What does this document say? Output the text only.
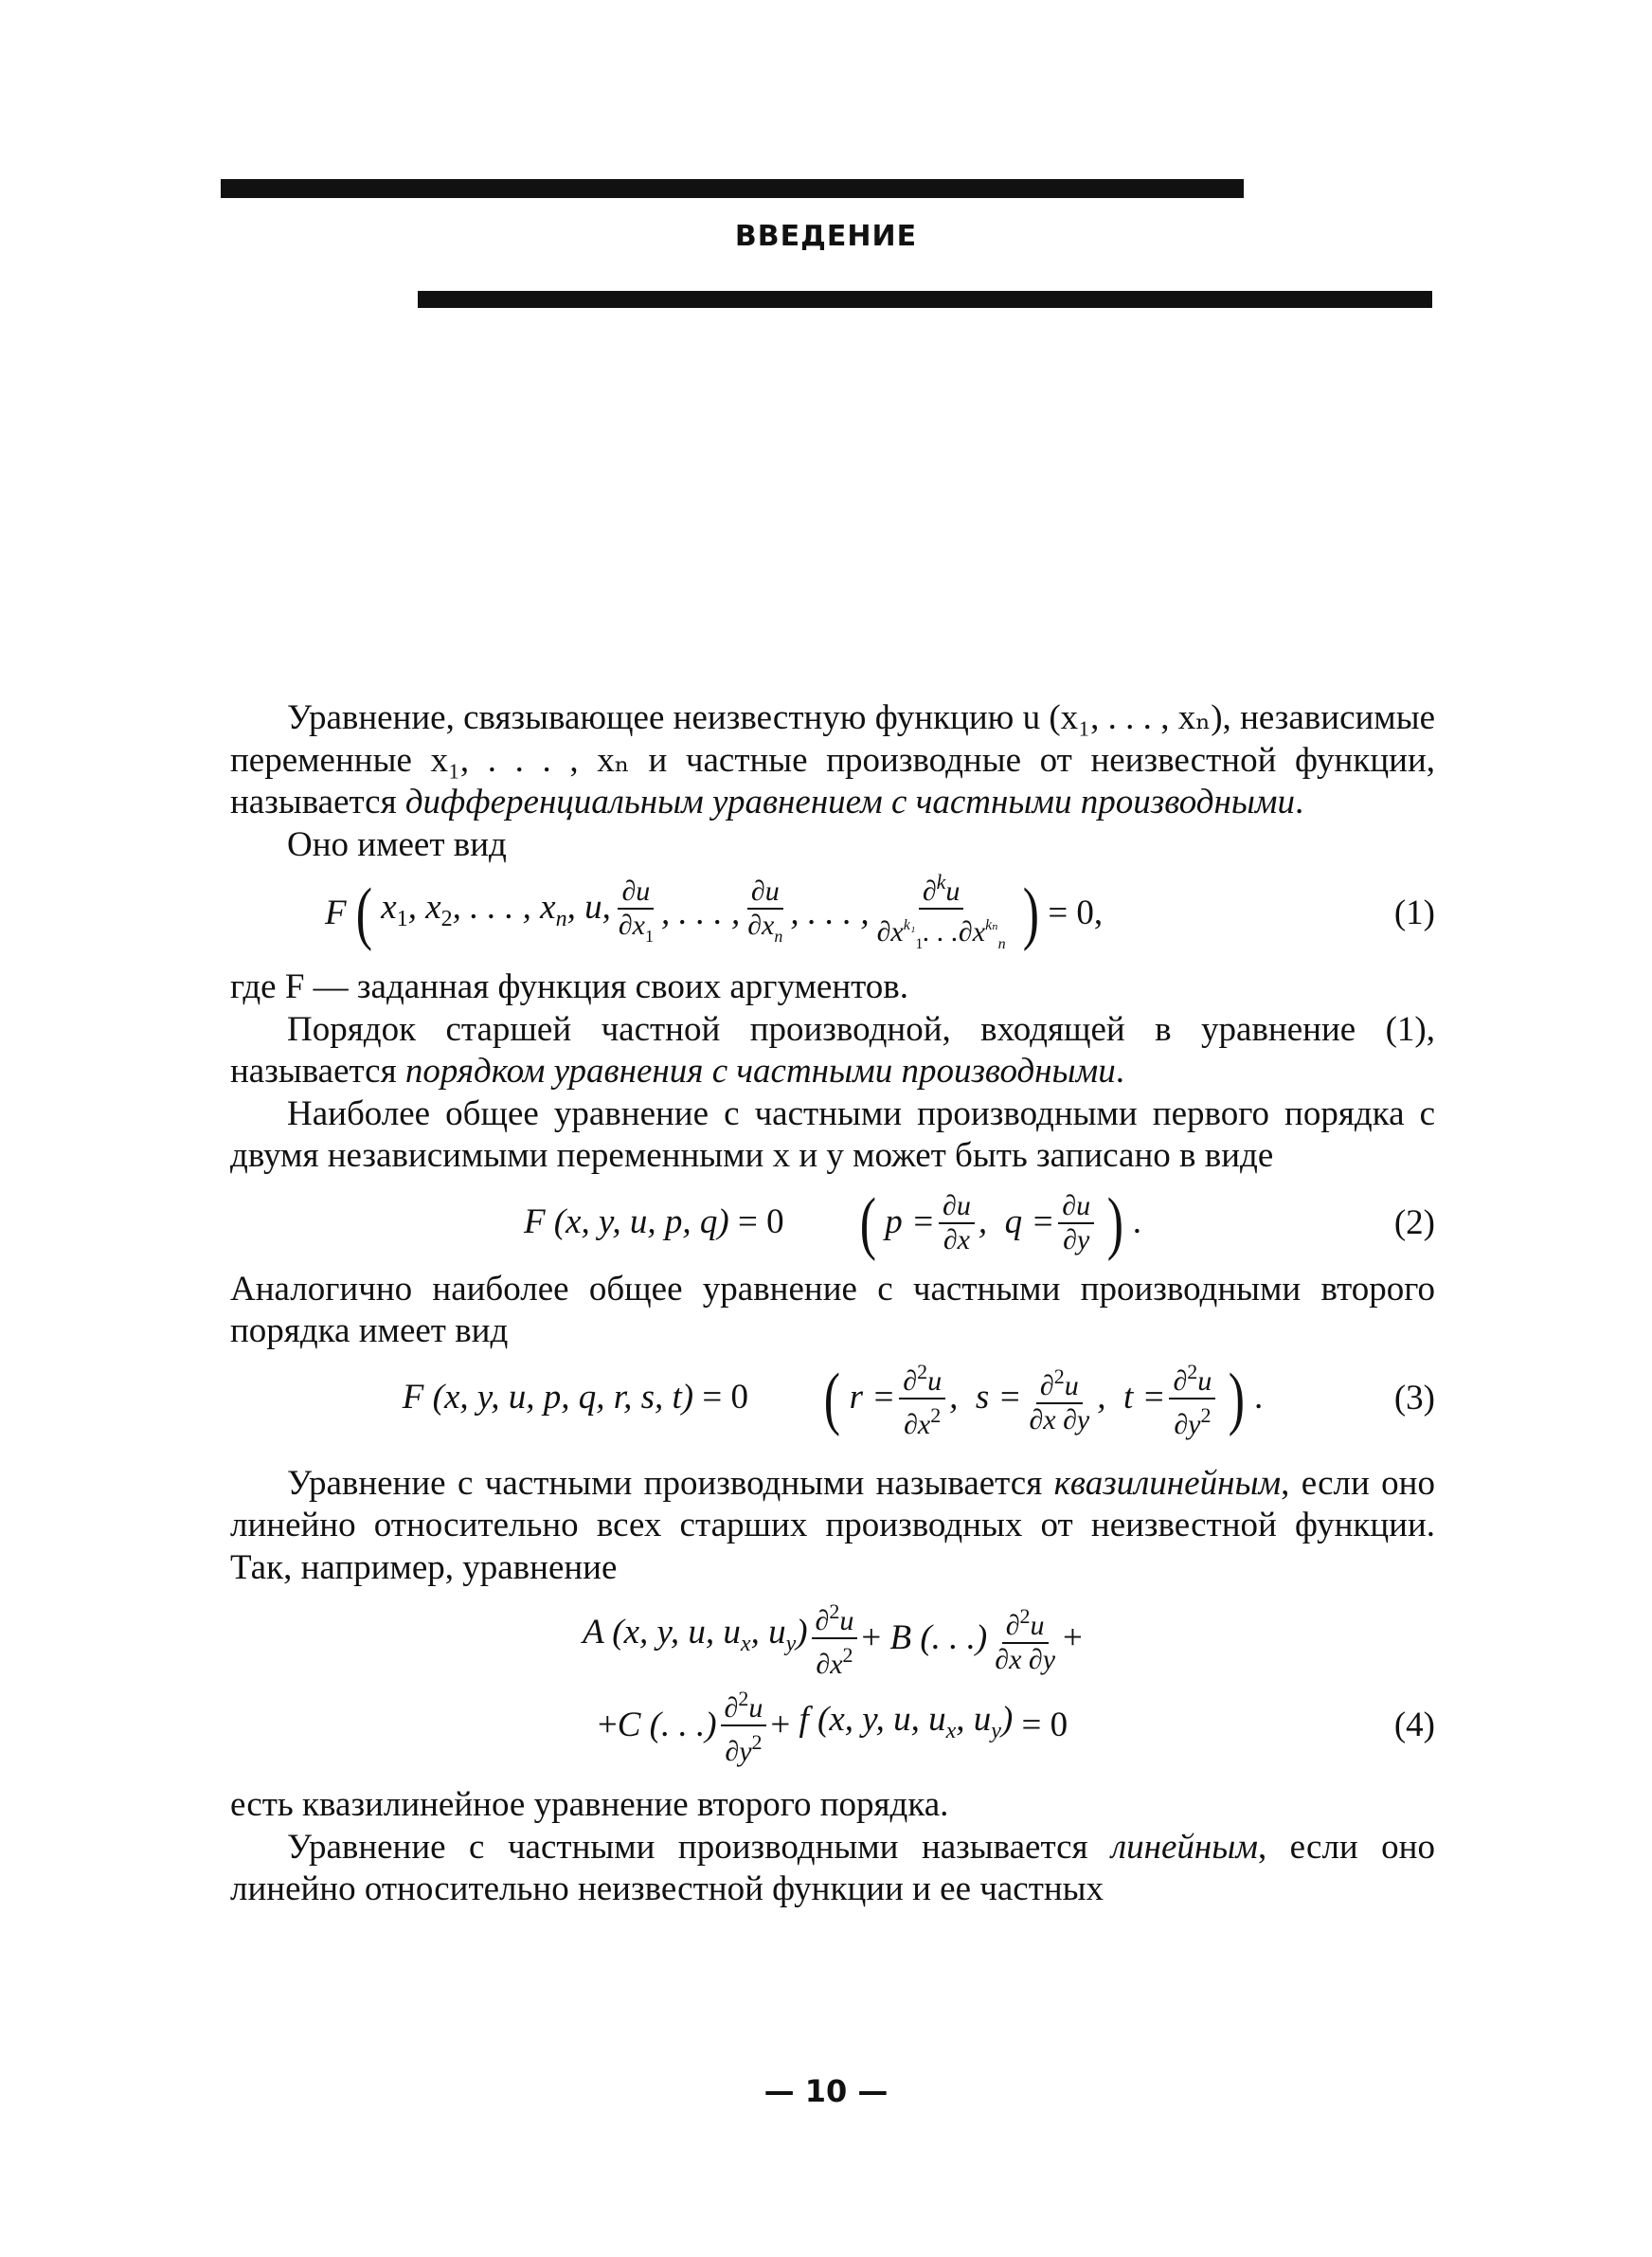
ВВЕДЕНИЕ

Уравнение, связывающее неизвестную функцию u (x₁, . . . , xₙ), независимые переменные x₁, . . . , xₙ и частные производные от неизвестной функции, называется дифференциальным уравнением с частными производными.

Оно имеет вид

F ( $x_1$, $x_2$, . . . , $x_n$, u, $\frac{\partial u}{\partial x_1}$ , . . . , $\frac{\partial u}{\partial x_n}$ , . . . , $\frac{\partial^ku}{\partial x^{k_1}_1. . .\partial x^{k_n}_n}$ ) = 0,	(1)

где F — заданная функция своих аргументов.

Порядок старшей частной производной, входящей в уравнение (1), называется порядком уравнения с частными производными.

Наиболее общее уравнение с частными производными первого порядка с двумя независимыми переменными x и y может быть записано в виде

F (x, y, u, p, q) = 0 ( $p = \frac{\partial u}{\partial x}$ ,  $q = \frac{\partial u}{\partial y}$ ) .	(2)

Аналогично наиболее общее уравнение с частными производными второго порядка имеет вид

F (x, y, u, p, q, r, s, t) = 0 ( $r = \frac{\partial^2u}{\partial x^2}$ ,  $s = \frac{\partial^2u}{\partial x \partial y}$ ,  $t = \frac{\partial^2u}{\partial y^2}$ ) .	(3)

Уравнение с частными производными называется квазилинейным, если оно линейно относительно всех старших производных от неизвестной функции. Так, например, уравнение

A (x, y, u, $u_x$, $u_y) \frac{\partial^2u}{\partial x^2} + B$ (. . .) $\frac{\partial^2u}{\partial x \partial y}$ +
+ C (. . .) $\frac{\partial^2u}{\partial y^2} + f$ (x, y, u, $u_x$, $u_y) = 0$	(4)

есть квазилинейное уравнение второго порядка.

Уравнение с частными производными называется линейным, если оно линейно относительно неизвестной функции и ее частных

— 10 —
